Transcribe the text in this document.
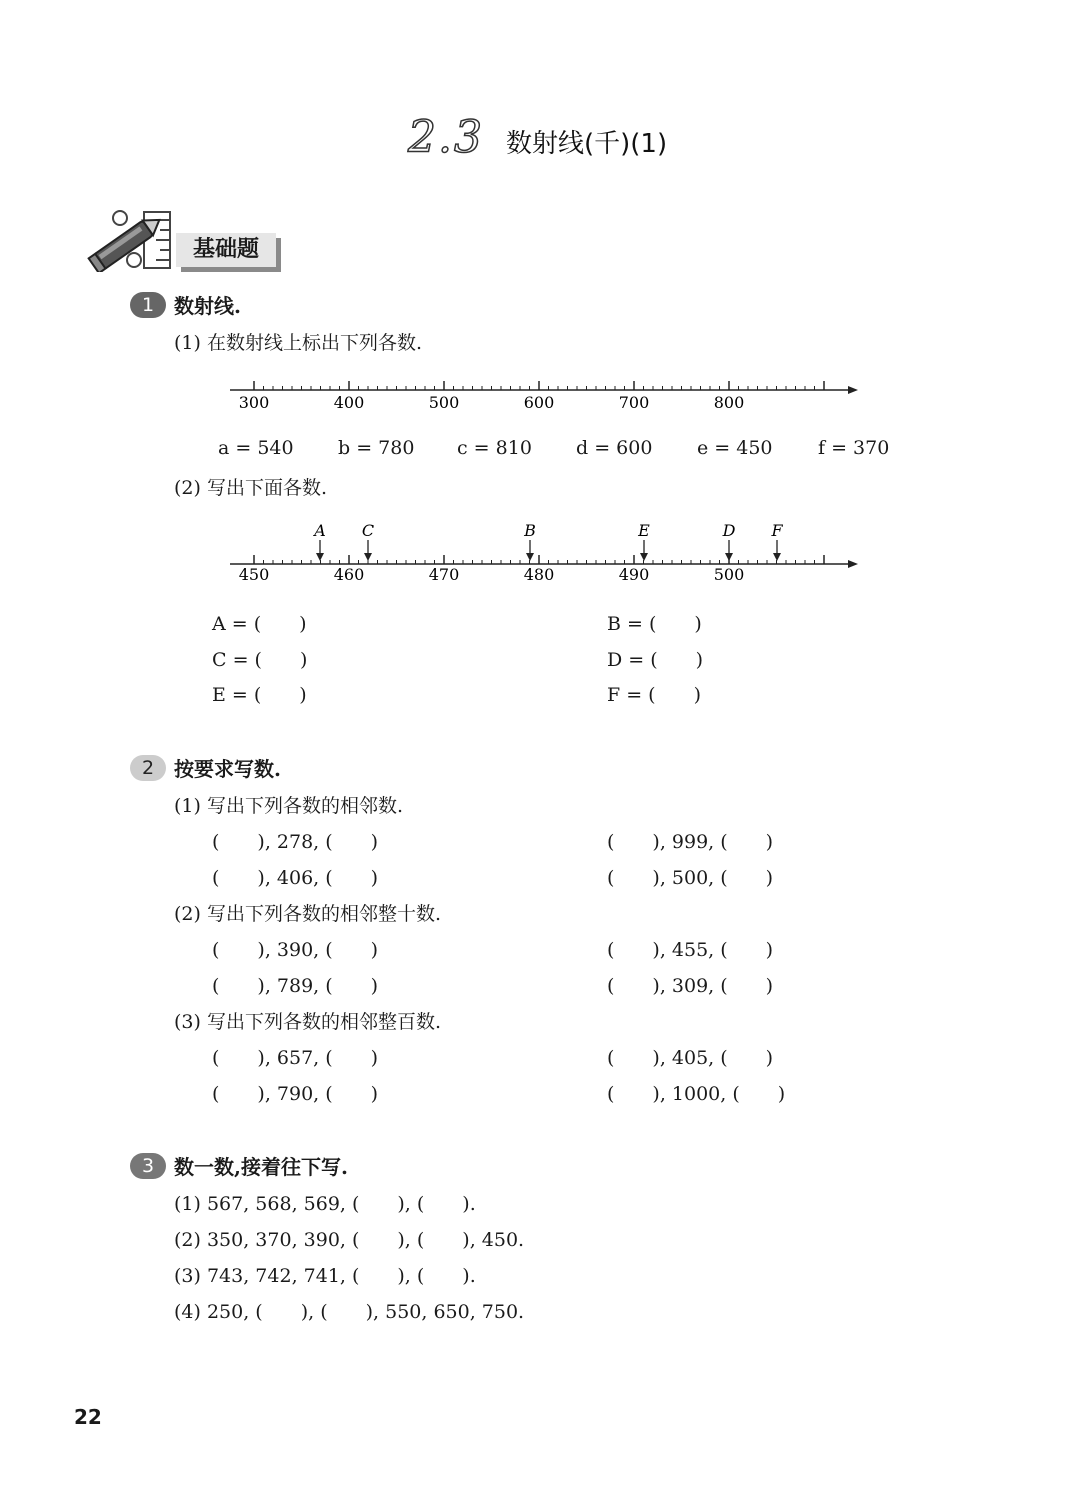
2.3 数射线(千)(1)
基础题
1 数射线.
(1) 在数射线上标出下列各数.
300	400	500	600	700	800
a = 540 b = 780 c = 810 d = 600 e = 450 f = 370
(2) 写出下面各数.
A C	B	E	D F
450	460	470	480	490	500
A = (　　)	B = (　　)
C = (　　)	D = (　　)
E = (　　)	F = (　　)
2 按要求写数.
(1) 写出下列各数的相邻数.
(　　), 278, (　　)	(　　), 999, (　　)
(　　), 406, (　　)	(　　), 500, (　　)
(2) 写出下列各数的相邻整十数.
(　　), 390, (　　)	(　　), 455, (　　)
(　　), 789, (　　)	(　　), 309, (　　)
(3) 写出下列各数的相邻整百数.
(　　), 657, (　　)	(　　), 405, (　　)
(　　), 790, (　　)	(　　), 1000, (　　)
3 数一数,接着往下写.
(1) 567, 568, 569, (　　), (　　).
(2) 350, 370, 390, (　　), (　　), 450.
(3) 743, 742, 741, (　　), (　　).
(4) 250, (　　), (　　), 550, 650, 750.
22
